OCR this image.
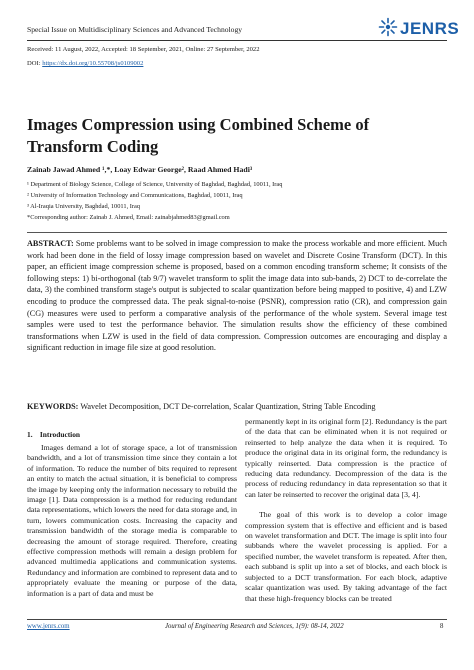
Special Issue on Multidisciplinary Sciences and Advanced Technology	JENRS
Received: 11 August, 2022, Accepted: 18 September, 2021, Online: 27 September, 2022
DOI: https://dx.doi.org/10.55708/js0109002
Images Compression using Combined Scheme of Transform Coding
Zainab Jawad Ahmed ¹,*, Loay Edwar George², Raad Ahmed Hadi³
¹ Department of Biology Science, College of Science, University of Baghdad, Baghdad, 10011, Iraq
² University of Information Technology and Communications, Baghdad, 10011, Iraq
³ Al-Iraqia University, Baghdad, 10011, Iraq
*Corresponding author: Zainab J. Ahmed, Email: zainabjahmed83@gmail.com
ABSTRACT: Some problems want to be solved in image compression to make the process workable and more efficient. Much work had been done in the field of lossy image compression based on wavelet and Discrete Cosine Transform (DCT). In this paper, an efficient image compression scheme is proposed, based on a common encoding transform scheme; It consists of the following steps: 1) bi-orthogonal (tab 9/7) wavelet transform to split the image data into sub-bands, 2) DCT to de-correlate the data, 3) the combined transform stage's output is subjected to scalar quantization before being mapped to positive, 4) and LZW encoding to produce the compressed data. The peak signal-to-noise (PSNR), compression ratio (CR), and compression gain (CG) measures were used to perform a comparative analysis of the performance of the whole system. Several image test samples were used to test the performance behavior. The simulation results show the efficiency of these combined transformations when LZW is used in the field of data compression. Compression outcomes are encouraging and display a significant reduction in image file size at good resolution.
KEYWORDS: Wavelet Decomposition, DCT De-correlation, Scalar Quantization, String Table Encoding
1.    Introduction
Images demand a lot of storage space, a lot of transmission bandwidth, and a lot of transmission time since they contain a lot of information. To reduce the number of bits required to represent an entity to match the actual situation, it is beneficial to compress the image by keeping only the information necessary to rebuild the image [1]. Data compression is a method for reducing redundant data representations, which lowers the need for data storage and, in turn, lowers communication costs. Increasing the capacity and transmission bandwidth of the storage media is comparable to decreasing the amount of storage required. Therefore, creating effective compression methods will remain a design problem for advanced multimedia applications and communication systems. Redundancy and information are combined to represent data and to appropriately evaluate the meaning or purpose of the data, information is a part of data and must be

permanently kept in its original form [2]. Redundancy is the part of the data that can be eliminated when it is not required or reinserted to help analyze the data when it is required. To produce the original data in its original form, the redundancy is typically reinserted. Data compression is the practice of reducing data redundancy. Decompression of the data is the process of reducing redundancy in data representation so that it can later be reinserted to recover the original data [3, 4].

The goal of this work is to develop a color image compression system that is effective and efficient and is based on wavelet transformation and DCT. The image is split into four subbands where the wavelet processing is applied. For a specified number, the wavelet transform is repeated. After then, each subband is split up into a set of blocks, and each block is subjected to a DCT transformation. For each block, adaptive scalar quantization was used. By taking advantage of the fact that these high-frequency blocks can be treated

www.jenrs.com	Journal of Engineering Research and Sciences, 1(9): 08-14, 2022	8
